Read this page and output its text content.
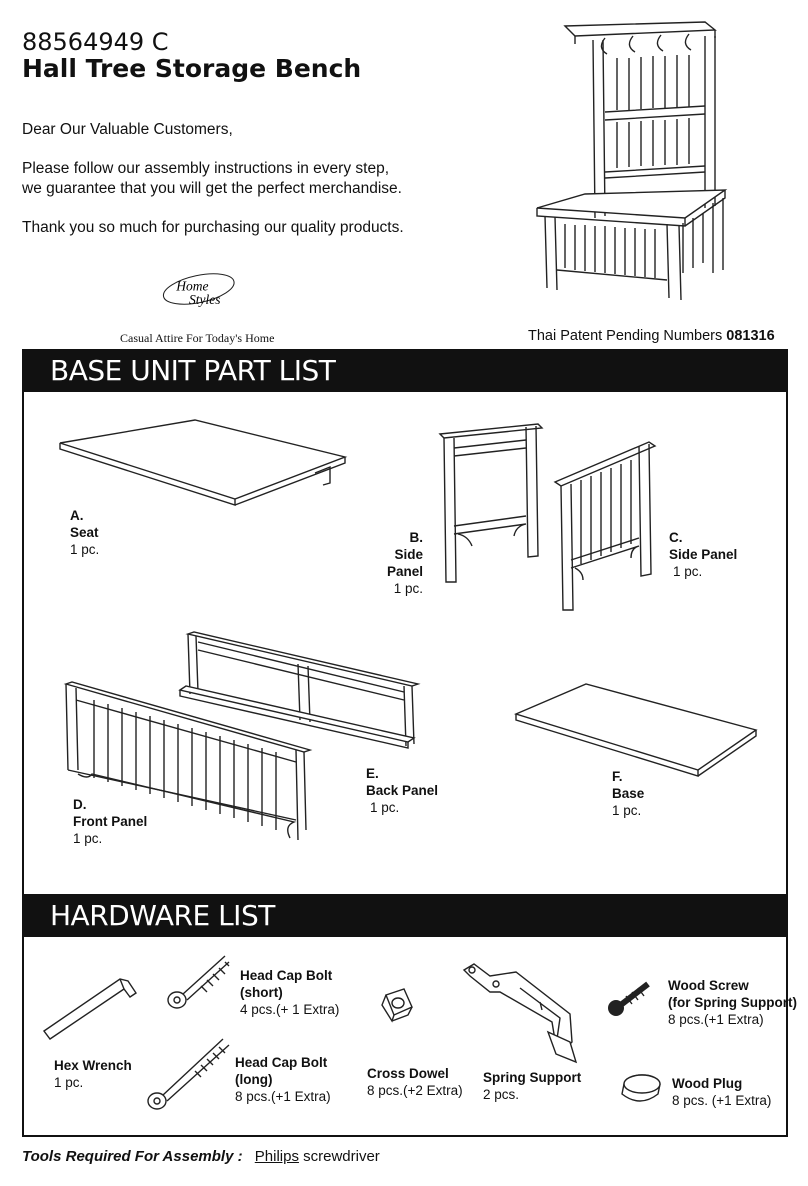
88564949 C
Hall Tree Storage Bench

Dear Our Valuable Customers,

Please follow our assembly instructions in every step,

we guarantee that you will get the perfect merchandise.

Thank you so much for purchasing our quality products.

Home
Styles
Casual Attire For Today's Home	Thai Patent Pending Numbers 081316
BASE UNIT PART LIST
A.
Seat
1 pc.
B.
Side Panel
1 pc.
C.
Side Panel
1 pc.
D.
Front Panel
1 pc.
E.
Back Panel
1 pc.
F.
Base
1 pc.
HARDWARE LIST
Hex Wrench
1 pc.
Head Cap Bolt
(short)
4 pcs.(+ 1 Extra)
Head Cap Bolt
(long)
8 pcs.(+1 Extra)
Cross Dowel
8 pcs.(+2 Extra)
Spring Support
2 pcs.
Wood Screw
(for Spring Support)
8 pcs.(+1 Extra)
Wood Plug
8 pcs. (+1 Extra)
Tools Required For Assembly : Philips screwdriver
